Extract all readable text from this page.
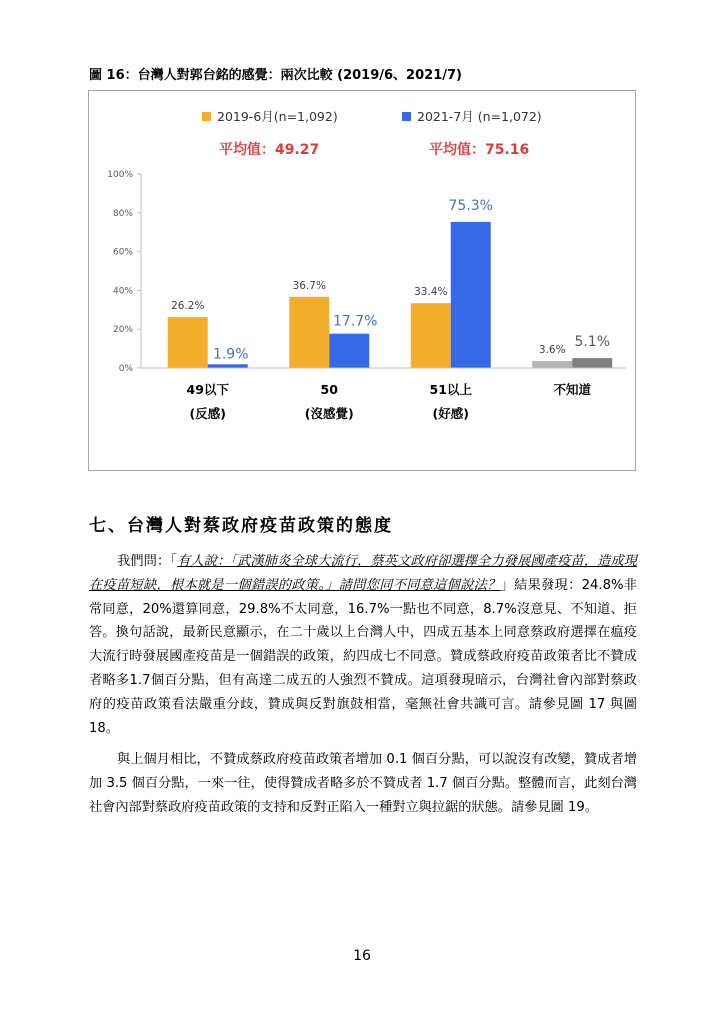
圖 16：台灣人對郭台銘的感覺：兩次比較 (2019/6、2021/7)
2019-6月(n=1,092)	2021-7月 (n=1,072)
平均值：49.27	平均值：75.16
0%
20%
40%
60%
80%
100%
26.2%
1.9%
36.7%
17.7%
33.4%
75.3%
3.6% 5.1%
49以下
(反感)
50
(沒感覺)
51以上
(好感)
不知道
七、台灣人對蔡政府疫苗政策的態度
我們問：「有人說：「武漢肺炎全球大流行，蔡英文政府卻選擇全力發展國產疫苗，造成現在疫苗短缺，根本就是一個錯誤的政策。」請問您同不同意這個說法？」結果發現：24.8%非常同意，20%還算同意，29.8%不太同意，16.7%一點也不同意，8.7%沒意見、不知道、拒答。換句話說，最新民意顯示，在二十歲以上台灣人中，四成五基本上同意蔡政府選擇在瘟疫大流行時發展國產疫苗是一個錯誤的政策，約四成七不同意。贊成蔡政府疫苗政策者比不贊成者略多1.7個百分點，但有高達二成五的人強烈不贊成。這項發現暗示，台灣社會內部對蔡政府的疫苗政策看法嚴重分歧，贊成與反對旗鼓相當，毫無社會共識可言。請參見圖 17 與圖 18。
與上個月相比，不贊成蔡政府疫苗政策者增加 0.1 個百分點，可以說沒有改變，贊成者增加 3.5 個百分點，一來一往，使得贊成者略多於不贊成者 1.7 個百分點。整體而言，此刻台灣社會內部對蔡政府疫苗政策的支持和反對正陷入一種對立與拉鋸的狀態。請參見圖 19。
16
